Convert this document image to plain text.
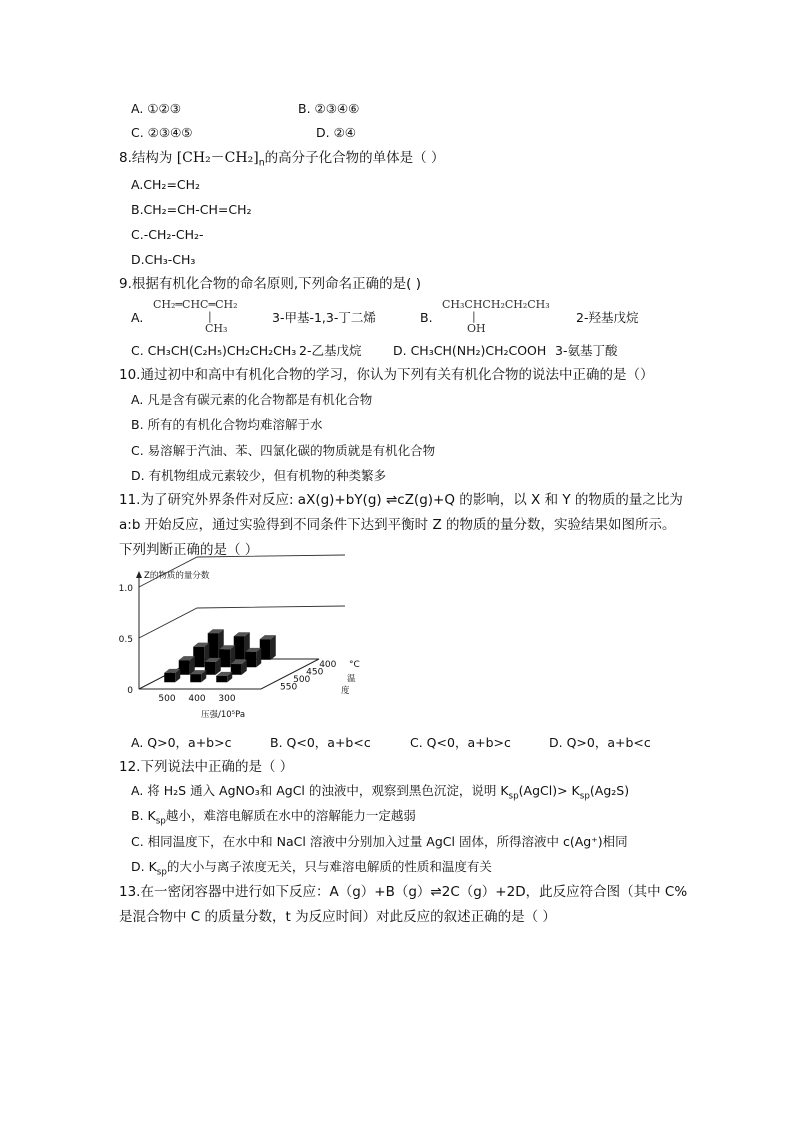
A. ①②③	B. ②③④⑥
C. ②③④⑤	D. ②④
8.结构为 $[CH_2-CH_2]_n$的高分子化合物的单体是（ ）
A.CH₂=CH₂
B.CH₂=CH-CH=CH₂
C.-CH₂-CH₂-
D.CH₃-CH₃
9.根据有机化合物的命名原则,下列命名正确的是( )
A.
CH₂═CHC═CH₂
|
CH₃
3-甲基-1,3-丁二烯	B.
CH₃CHCH₂CH₂CH₃
|
OH
2-羟基戊烷
C. CH₃CH(C₂H₅)CH₂CH₂CH₃ 2-乙基戊烷	D. CH₃CH(NH₂)CH₂COOH 3-氨基丁酸
10.通过初中和高中有机化合物的学习，你认为下列有关有机化合物的说法中正确的是（）
A. 凡是含有碳元素的化合物都是有机化合物
B. 所有的有机化合物均难溶解于水
C. 易溶解于汽油、苯、四氯化碳的物质就是有机化合物
D. 有机物组成元素较少，但有机物的种类繁多
11.为了研究外界条件对反应: aX(g)+bY(g) ⇌cZ(g)+Q 的影响，以 X 和 Y 的物质的量之比为
a:b 开始反应，通过实验得到不同条件下达到平衡时 Z 的物质的量分数，实验结果如图所示。
下列判断正确的是（ ）
0
0.5
1.0
Z的物质的量分数
500 400 300
压强/10⁵Pa
400
450
500
550
°C
温
度
A. Q>0，a+b>c	B. Q<0，a+b<c	C. Q<0，a+b>c	D. Q>0，a+b<c
12.下列说法中正确的是（ ）
A. 将 H₂S 通入 AgNO₃和 AgCl 的浊液中，观察到黑色沉淀，说明 $K_{sp}(AgCl)> K_{sp}(Ag_2S)$
B. $K_{sp}$越小，难溶电解质在水中的溶解能力一定越弱
C. 相同温度下，在水中和 NaCl 溶液中分别加入过量 AgCl 固体，所得溶液中 c(Ag⁺)相同
D. $K_{sp}$的大小与离子浓度无关，只与难溶电解质的性质和温度有关
13.在一密闭容器中进行如下反应：A（g）+B（g）⇌2C（g）+2D，此反应符合图（其中 C%
是混合物中 C 的质量分数，t 为反应时间）对此反应的叙述正确的是（ ）
